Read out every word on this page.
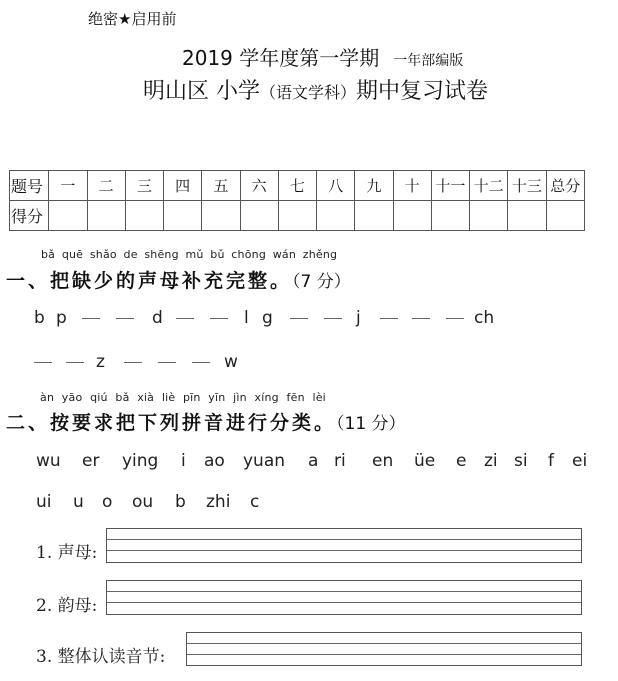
绝密★启用前
2019 学年度第一学期 一年部编版
明山区 小学（语文学科）期中复习试卷
题号	一	二	三	四	五	六	七	八	九	十	十一	十二	十三	总分
得分														
bǎ quē shǎo de shēng mǔ bǔ chōng wán zhěng
一、把缺少的声母补充完整。（7 分）
b p	d	l g	j	ch
z	w
àn yāo qiú bǎ xià liè pīn yīn jìn xíng fēn lèi
二、按要求把下列拼音进行分类。（11 分）
wu er ying i ao yuan a ri en üe e zi si f ei
ui u o ou b zhi c
1. 声母:
2. 韵母:
3. 整体认读音节:
